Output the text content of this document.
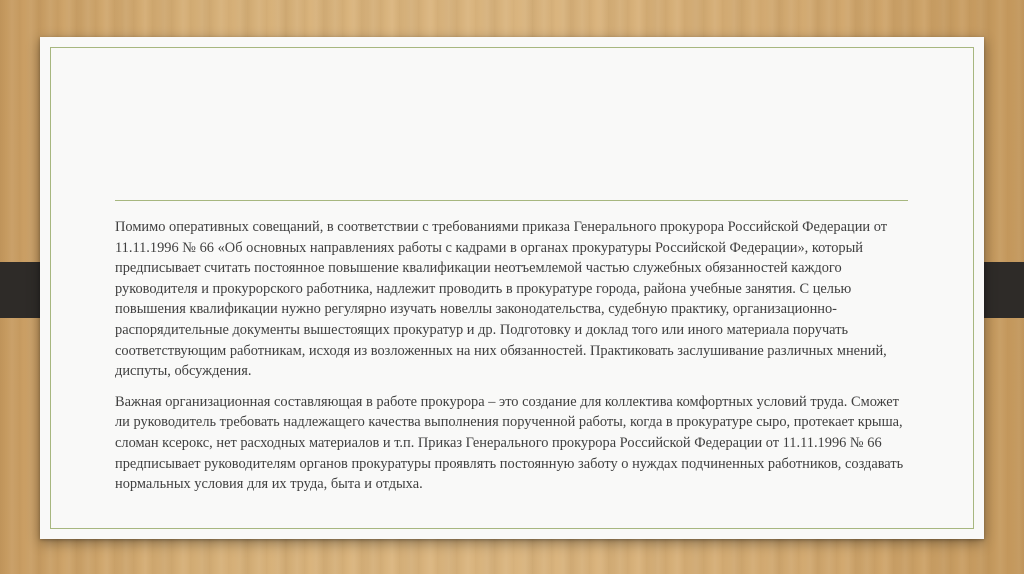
Помимо оперативных совещаний, в соответствии с требованиями приказа Генерального прокурора Российской Федерации от 11.11.1996 № 66 «Об основных направлениях работы с кадрами в органах прокуратуры Российской Федерации», который предписывает считать постоянное повышение квалификации неотъемлемой частью служебных обязанностей каждого руководителя и прокурорского работника, надлежит проводить в прокуратуре города, района учебные занятия. С целью повышения квалификации нужно регулярно изучать новеллы законодательства, судебную практику, организационно-распорядительные документы вышестоящих прокуратур и др. Подготовку и доклад того или иного материала поручать соответствующим работникам, исходя из возложенных на них обязанностей. Практиковать заслушивание различных мнений, диспуты, обсуждения.

Важная организационная составляющая в работе прокурора – это создание для коллектива комфортных условий труда. Сможет ли руководитель требовать надлежащего качества выполнения порученной работы, когда в прокуратуре сыро, протекает крыша, сломан ксерокс, нет расходных материалов и т.п. Приказ Генерального прокурора Российской Федерации от 11.11.1996 № 66 предписывает руководителям органов прокуратуры проявлять постоянную заботу о нуждах подчиненных работников, создавать нормальных условия для их труда, быта и отдыха.
